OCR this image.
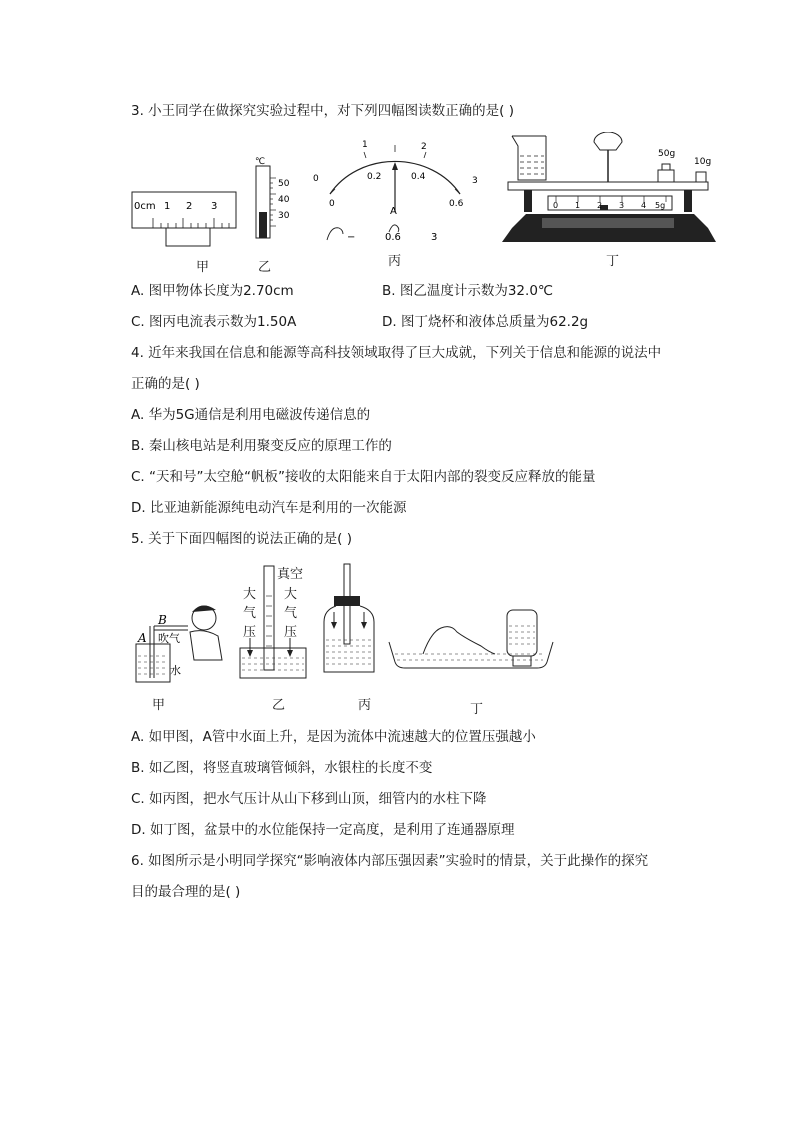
3. 小王同学在做探究实验过程中，对下列四幅图读数正确的是( )
0cm 1 2 3
甲
℃
50
40
30
乙
0
1	2
3
0
0.2	0.4
0.6
A
−	0.6	3
丙
0 1 2 3 4 5g
50g
10g
丁
A. 图甲物体长度为2.70cm	B. 图乙温度计示数为32.0℃
C. 图丙电流表示数为1.50A	D. 图丁烧杯和液体总质量为62.2g
4. 近年来我国在信息和能源等高科技领域取得了巨大成就，下列关于信息和能源的说法中
正确的是( )
A. 华为5G通信是利用电磁波传递信息的
B. 秦山核电站是利用聚变反应的原理工作的
C. “天和号”太空舱“帆板”接收的太阳能来自于太阳内部的裂变反应释放的能量
D. 比亚迪新能源纯电动汽车是利用的一次能源
5. 关于下面四幅图的说法正确的是( )
B
A 吹气
水
甲
真空
大
气
压
大
气
压
乙	丙	丁
A. 如甲图，A管中水面上升，是因为流体中流速越大的位置压强越小
B. 如乙图，将竖直玻璃管倾斜，水银柱的长度不变
C. 如丙图，把水气压计从山下移到山顶，细管内的水柱下降
D. 如丁图，盆景中的水位能保持一定高度，是利用了连通器原理
6. 如图所示是小明同学探究“影响液体内部压强因素”实验时的情景，关于此操作的探究
目的最合理的是( )
